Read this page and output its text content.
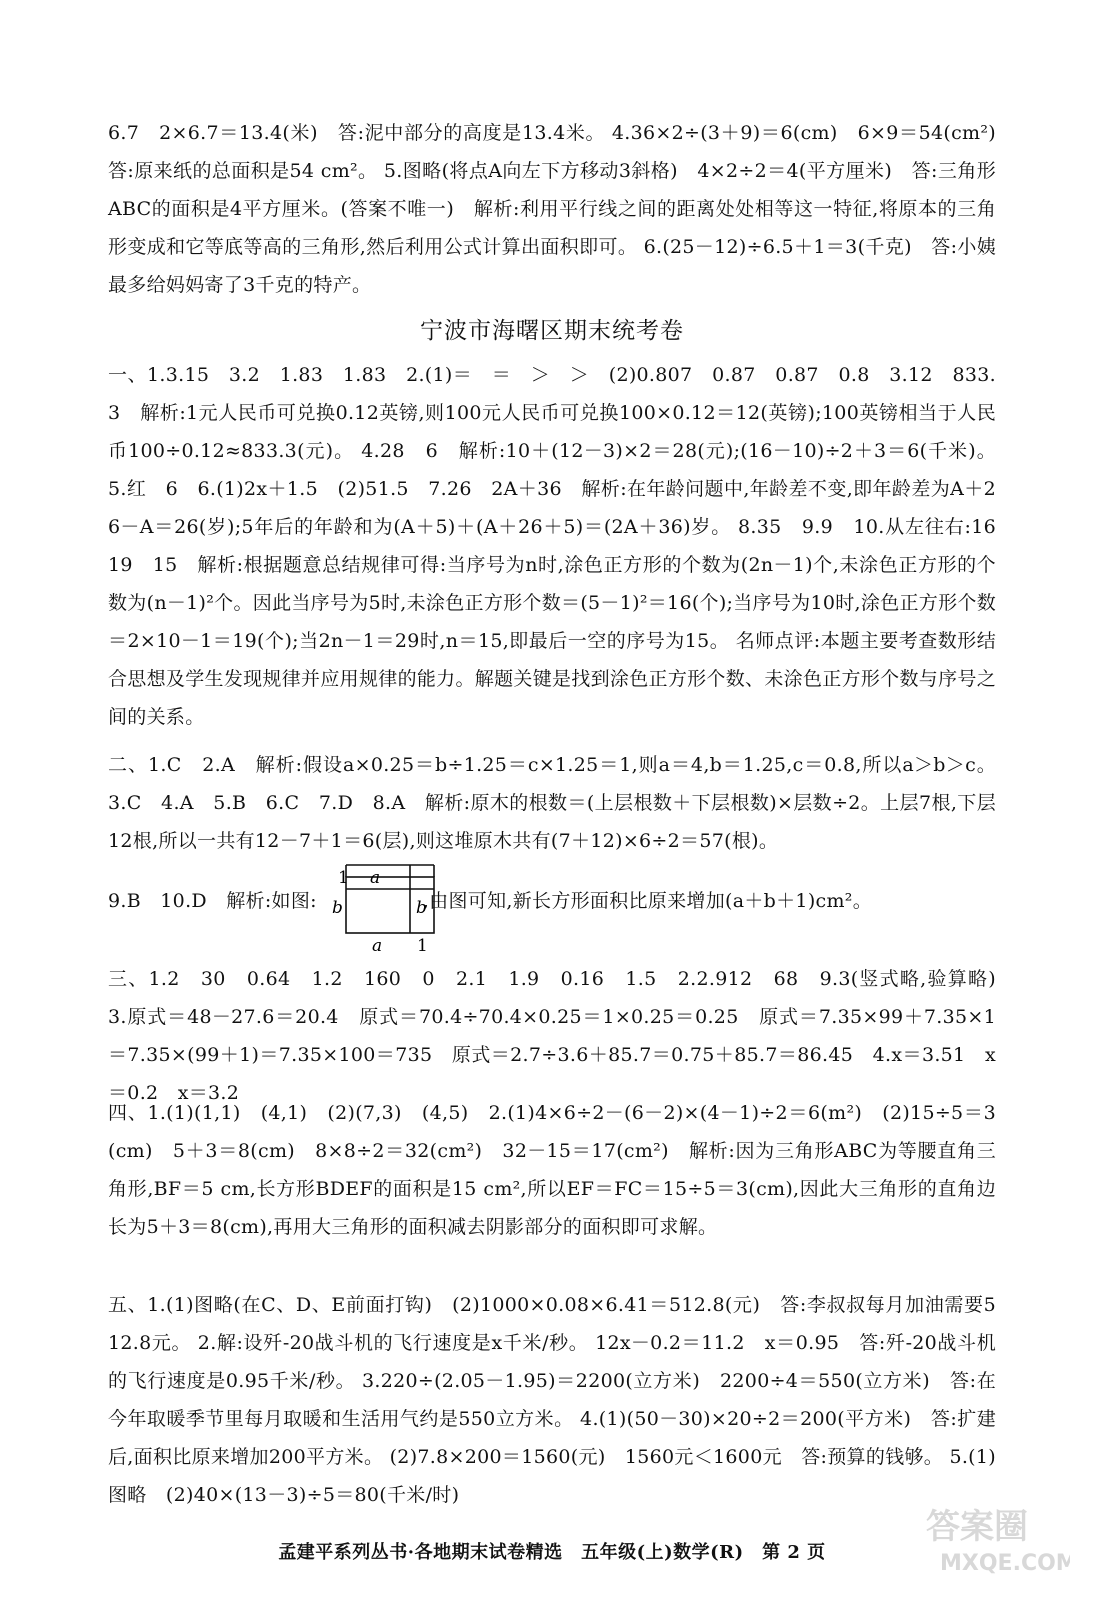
6.7　2×6.7＝13.4(米)　答:泥中部分的高度是13.4米。 4.36×2÷(3＋9)＝6(cm)　6×9＝54(cm²)　答:原来纸的总面积是54 cm²。 5.图略(将点A向左下方移动3斜格)　4×2÷2＝4(平方厘米)　答:三角形ABC的面积是4平方厘米。(答案不唯一)　解析:利用平行线之间的距离处处相等这一特征,将原本的三角形变成和它等底等高的三角形,然后利用公式计算出面积即可。 6.(25－12)÷6.5＋1＝3(千克)　答:小姨最多给妈妈寄了3千克的特产。
宁波市海曙区期末统考卷
一、1.3.15　3.2　1.83　1.83　2.(1)＝　＝　＞　＞　(2)0.807　0.87　0.87　0.8　3.12　833.3　解析:1元人民币可兑换0.12英镑,则100元人民币可兑换100×0.12＝12(英镑);100英镑相当于人民币100÷0.12≈833.3(元)。 4.28　6　解析:10＋(12－3)×2＝28(元);(16－10)÷2＋3＝6(千米)。 5.红　6　6.(1)2x＋1.5　(2)51.5　7.26　2A＋36　解析:在年龄问题中,年龄差不变,即年龄差为A＋26－A＝26(岁);5年后的年龄和为(A＋5)＋(A＋26＋5)＝(2A＋36)岁。 8.35　9.9　10.从左往右:16　19　15　解析:根据题意总结规律可得:当序号为n时,涂色正方形的个数为(2n－1)个,未涂色正方形的个数为(n－1)²个。因此当序号为5时,未涂色正方形个数＝(5－1)²＝16(个);当序号为10时,涂色正方形个数＝2×10－1＝19(个);当2n－1＝29时,n＝15,即最后一空的序号为15。 名师点评:本题主要考查数形结合思想及学生发现规律并应用规律的能力。解题关键是找到涂色正方形个数、未涂色正方形个数与序号之间的关系。
二、1.C　2.A　解析:假设a×0.25＝b÷1.25＝c×1.25＝1,则a＝4,b＝1.25,c＝0.8,所以a＞b＞c。 3.C　4.A　5.B　6.C　7.D　8.A　解析:原木的根数＝(上层根数＋下层根数)×层数÷2。上层7根,下层12根,所以一共有12－7＋1＝6(层),则这堆原木共有(7＋12)×6÷2＝57(根)。
9.B　10.D　解析:如图:	,由图可知,新长方形面积比原来增加(a＋b＋1)cm²。
1 a
b	b
a 1
三、1.2　30　0.64　1.2　160　0　2.1　1.9　0.16　1.5　2.2.912　68　9.3(竖式略,验算略)　3.原式＝48－27.6＝20.4　原式＝70.4÷70.4×0.25＝1×0.25＝0.25　原式＝7.35×99＋7.35×1＝7.35×(99＋1)＝7.35×100＝735　原式＝2.7÷3.6＋85.7＝0.75＋85.7＝86.45　4.x＝3.51　x＝0.2　x＝3.2
四、1.(1)(1,1)　(4,1)　(2)(7,3)　(4,5)　2.(1)4×6÷2－(6－2)×(4－1)÷2＝6(m²)　(2)15÷5＝3(cm)　5＋3＝8(cm)　8×8÷2＝32(cm²)　32－15＝17(cm²)　解析:因为三角形ABC为等腰直角三角形,BF＝5 cm,长方形BDEF的面积是15 cm²,所以EF＝FC＝15÷5＝3(cm),因此大三角形的直角边长为5＋3＝8(cm),再用大三角形的面积减去阴影部分的面积即可求解。
五、1.(1)图略(在C、D、E前面打钩)　(2)1000×0.08×6.41＝512.8(元)　答:李叔叔每月加油需要512.8元。 2.解:设歼-20战斗机的飞行速度是x千米/秒。 12x－0.2＝11.2　x＝0.95　答:歼-20战斗机的飞行速度是0.95千米/秒。 3.220÷(2.05－1.95)＝2200(立方米)　2200÷4＝550(立方米)　答:在今年取暖季节里每月取暖和生活用气约是550立方米。 4.(1)(50－30)×20÷2＝200(平方米)　答:扩建后,面积比原来增加200平方米。 (2)7.8×200＝1560(元)　1560元＜1600元　答:预算的钱够。 5.(1)图略　(2)40×(13－3)÷5＝80(千米/时)
孟建平系列丛书·各地期末试卷精选　五年级(上)数学(R)　第 2 页
答案圈
MXQE.COM
